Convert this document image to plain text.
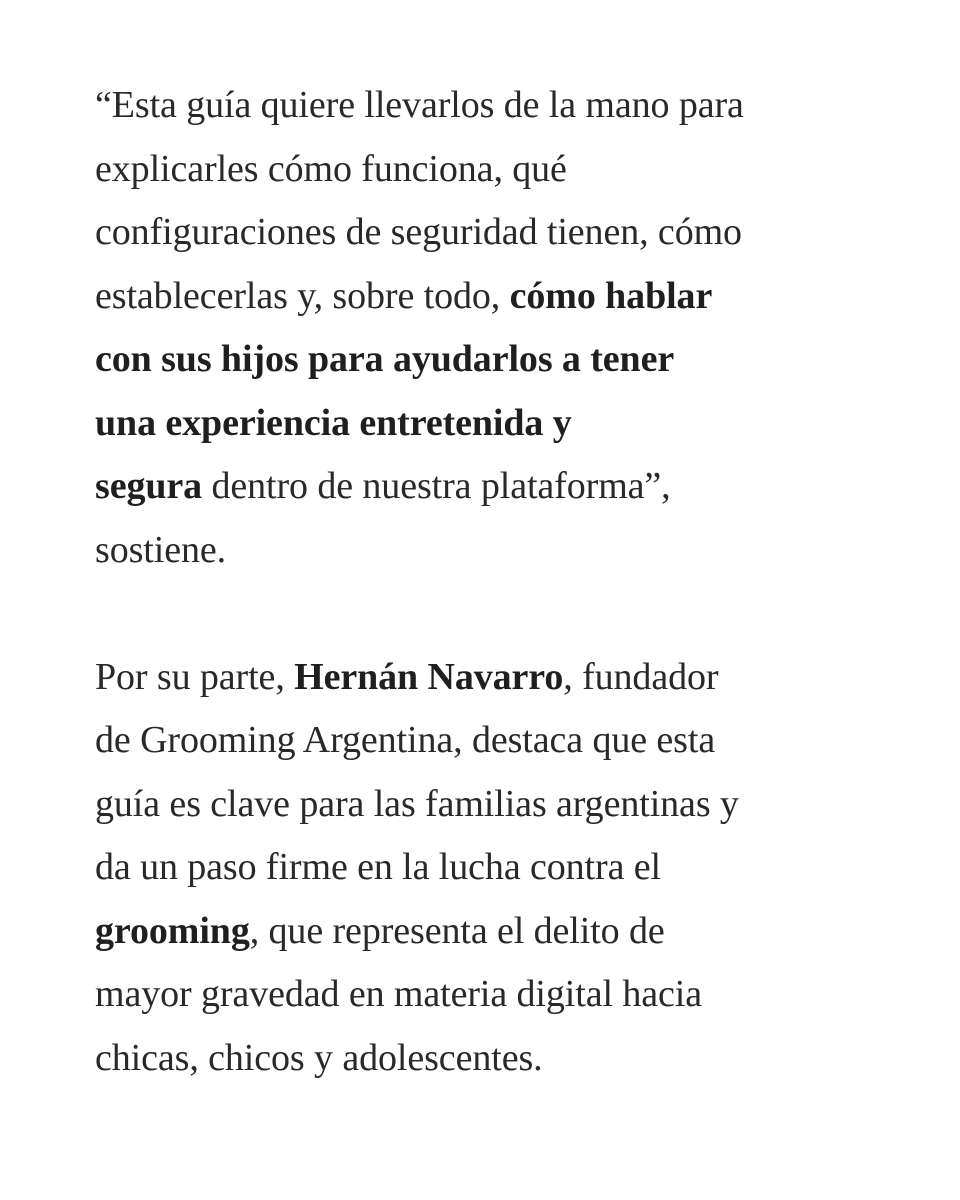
“Esta guía quiere llevarlos de la mano para
explicarles cómo funciona, qué
configuraciones de seguridad tienen, cómo
establecerlas y, sobre todo, cómo hablar
con sus hijos para ayudarlos a tener
una experiencia entretenida y
segura dentro de nuestra plataforma”,
sostiene.

Por su parte, Hernán Navarro, fundador
de Grooming Argentina, destaca que esta
guía es clave para las familias argentinas y
da un paso firme en la lucha contra el
grooming, que representa el delito de
mayor gravedad en materia digital hacia
chicas, chicos y adolescentes.
